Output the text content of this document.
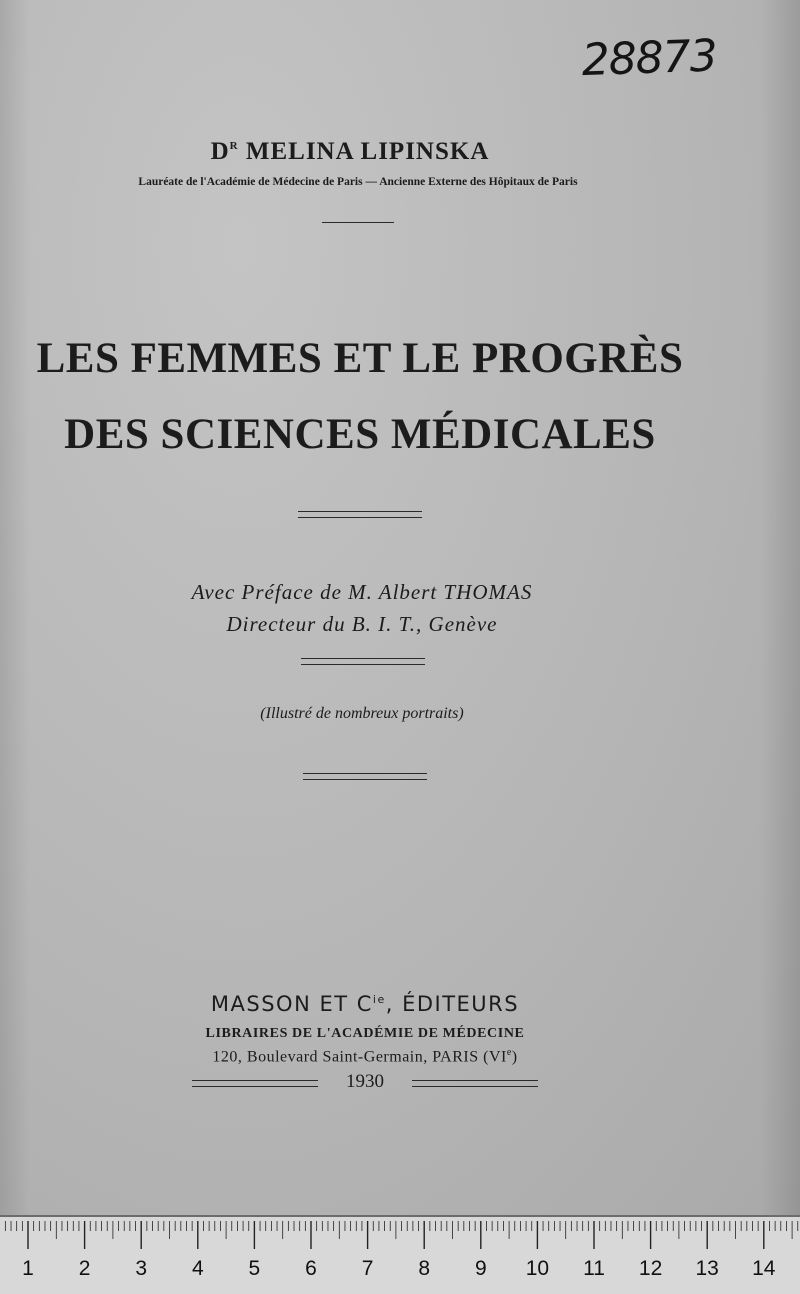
28873
$D^R$ MELINA LIPINSKA
Lauréate de l'Académie de Médecine de Paris — Ancienne Externe des Hôpitaux de Paris
LES FEMMES ET LE PROGRÈS
DES SCIENCES MÉDICALES
Avec Préface de M. Albert THOMAS
Directeur du B. I. T., Genève
(Illustré de nombreux portraits)
MASSON ET $C^{ie}$, ÉDITEURS
LIBRAIRES DE L'ACADÉMIE DE MÉDECINE
120, Boulevard Saint-Germain, PARIS (VIe)
1930
1	2	3	4	5	6	7	8	9	10	11	12	13	14
